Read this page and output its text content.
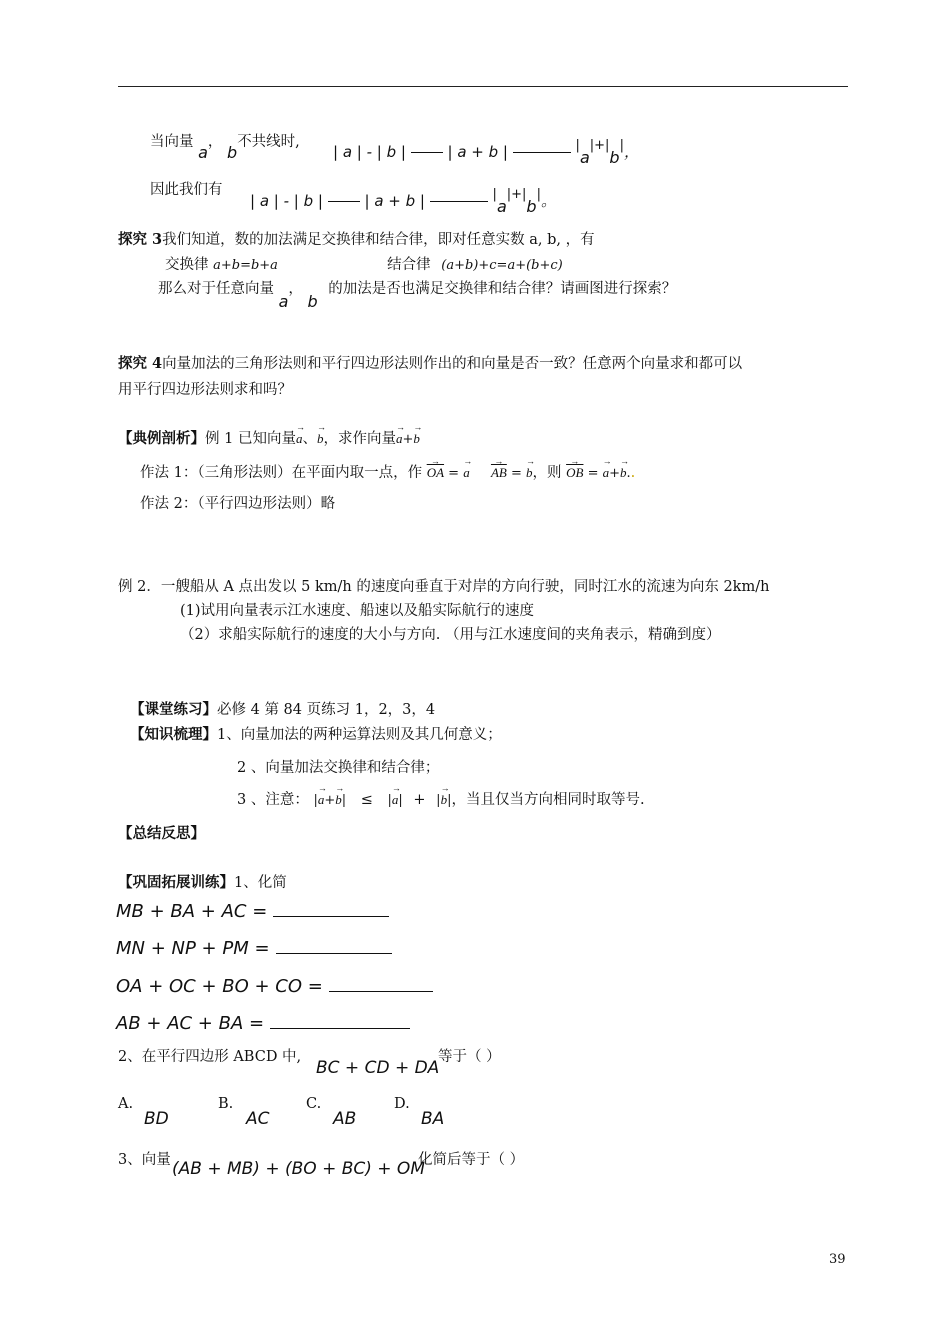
当向量 a， b不共线时,
| a | - | b |	| a + b |	|a|+|b|，
因此我们有
| a | - | b |	| a + b |	|a|+|b|。
探究 3我们知道，数的加法满足交换律和结合律，即对任意实数 a, b, ，有
交换律 a+b=b+a	结合律 (a+b)+c=a+(b+c)
那么对于任意向量 a， b 的加法是否也满足交换律和结合律？请画图进行探索？
探究 4向量加法的三角形法则和平行四边形法则作出的和向量是否一致？任意两个向量求和都可以
用平行四边形法则求和吗？
【典例剖析】例 1 已知向量→ a、→ b，求作向量→ a+→ b
作法 1：（三角形法则）在平面内取一点，作 → $\overline{OA}$ = → $a \to \overline{AB}$ = → b，则 → $\overline{OB}$ = → a+→ b..
作法 2：（平行四边形法则）略
例 2．一艘船从 A 点出发以 5 km/h 的速度向垂直于对岸的方向行驶，同时江水的流速为向东 2km/h
(1)试用向量表示江水速度、船速以及船实际航行的速度
（2）求船实际航行的速度的大小与方向. （用与江水速度间的夹角表示，精确到度）
【课堂练习】必修 4 第 84 页练习 1，2，3，4
【知识梳理】1、向量加法的两种运算法则及其几何意义；
2 、向量加法交换律和结合律；
3 、注意： |→ a+→ b| ≤ |→ a| + |→ b|，当且仅当方向相同时取等号.
【总结反思】
【巩固拓展训练】1、化简
MB + BA + AC =
MN + NP + PM =
OA + OC + BO + CO =
AB + AC + BA =
2、在平行四边形 ABCD 中,
BC + CD + DA
等于（ ）
A.
BD
B.
AC
C.
AB
D.
BA
3、向量 (AB + MB) + (BO + BC) + OM
化简后等于（ ）
39
